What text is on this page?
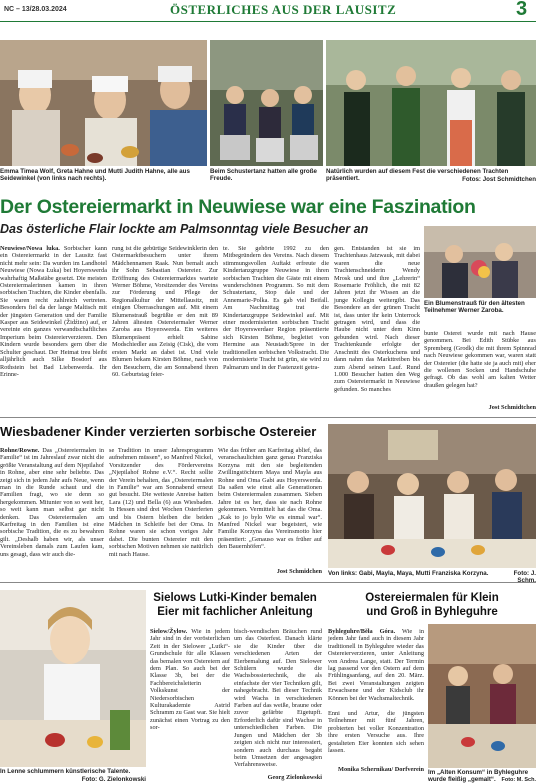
NC – 13/28.03.2024	ÖSTERLICHES AUS DER LAUSITZ	3
Emma Timea Wolf, Greta Hahne und Mutti Judith Hahne, alle aus Seidewinkel (von links nach rechts).
Beim Schustertanz hatten alle große Freude.
Natürlich wurden auf diesem Fest die verschiedenen Trachten präsentiert.	Fotos: Jost Schmidtchen
Der Ostereiermarkt in Neuwiese war eine Faszination
Das österliche Flair lockte am Palmsonntag viele Besucher an
Neuwiese/Nowa luka. Sorbischer kann ein Ostereiermarkt in der Lausitz fast nicht mehr sein: Da wurden im Landhotel Neuwiese (Nowa Łuka) bei Hoyerswerda wahrhaftig Maßstäbe gesetzt. Die meisten Ostereiermalerinnen kamen in ihren sorbischen Trachten, die Kinder ebenfalls. Sie waren recht zahlreich vertreten. Besonders fiel da der lange Maltisch mit der jüngsten Generation und der Familie Kasper aus Seidewinkel (Židźino) auf, er vereinte ein ganzes verwandtschaftliches Imperium beim Ostereierverzieren. Den Kindern wurde besonders gern über die Schulter geschaut. Der Heimat treu bleibt alljährlich auch Silke Bosdorf aus Rothstein bei Bad Liebenwerda. Ihr Erinne-
rung ist die gebürtige Seidewinklerin den Ostermarktbesuchern unter ihrem Mädchennamen Raak. Nun bemalt auch ihr Sohn Sebastian Ostereier. Zur Eröffnung des Ostereiermarktes wartete Werner Böhme, Vorsitzender des Vereins zur Förderung und Pflege der Regionalkultur der Mittellausitz, mit einigen Überraschungen auf. Mit einem Blumenstrauß begrüßte er den mit 89 Jahren ältesten Ostereiermaler Werner Zaroba aus Hoyerswerda. Ein weiteres Blumenpräsent erhielt Sabine Modschiedler aus Zeisig (Cisk), die vom ersten Markt an dabei ist. Und viele Blumen bekam Kirsten Böhme, nach von den Besuchern, die am Sonnabend ihren 60. Geburtstag feier-
te. Sie gehörte 1992 zu den Mitbegründern des Vereins. Nach diesem stimmungsvollen Auftakt erfreute die Kindertanzgruppe Neuwiese in ihren sorbischen Trachten die Gäste mit einem wunderschönen Programm. So mit dem Schustertanz, Stop dale und der Annemarie-Polka. Es gab viel Beifall. Am Nachmittag trat die Kindertanzgruppe Seidewinkel auf. Mit einer modernisierten sorbischen Tracht der Hoyerswerdaer Region präsentierte sich Kirsten Böhme, begleitet von Hermine aus Neustadt/Spree in der traditionellen sorbischen Volkstracht. Die modernisierte Tracht ist grün, sie wird zu Palmarum und in der Fastenzeit getra-
gen. Entstanden ist sie im Trachtenhaus Jatzwauk, mit dabei waren die neue Trachtenschneiderin Wendy Mrosk und und ihre „Lehrerin“ Rosemarie Fröhlich, die mit 82 Jahren jetzt ihr Wissen an die junge Kollegin weitergibt. Das Besondere an der grünen Tracht ist, dass unter ihr kein Unterrock getragen wird, und dass die Haube nicht unter dem Kinn gebunden wird. Nach dieser Trachtenkunde erfolgte der Anschnitt des Osterkuchens und dann nahm das Markttreiben bis zum Abend seinen Lauf. Rund 1.000 Besucher hatten den Weg zum Ostereiermarkt in Neuwiese gefunden. So manches
Ein Blumenstrauß für den ältesten Teilnehmer Werner Zaroba.
bunte Osterei wurde mit nach Hause genommen. Bei Edith Stübke aus Spremberg (Grodk) die mit ihrem Spinnrad nach Neuwiese gekommen war, waren statt der Ostereier (die hatte sie ja auch mit) eher die wollenen Socken und Handschuhe gefragt. Ob das wohl am kalten Wetter draußen gelegen hat?
Jost Schmidtchen
Wiesbadener Kinder verzierten sorbische Ostereier
Rohne/Rowne. Das „Ostereiermalen in Familie“ ist im Jahreslauf zwar nicht die größte Veranstaltung auf dem Njepilahof in Rohne, aber eine sehr beliebte. Das zeigt sich in jedem Jahr aufs Neue, wenn man in die Runde schaut und die Familien fragt, wo sie denn so hergekommen. Mitunter von so weit her, so weit kann man selbst gar nicht denken. Das Ostereiermalen am Karfreitag in den Familien ist eine sorbische Tradition, die es zu bewahren gilt. „Deshalb haben wir, als unser Vereinsleben damals zum Laufen kam, uns gesagt, dass wir auch die-
se Tradition in unser Jahresprogramm aufnehmen müssen“, so Manfred Nickel, Vorsitzender des Fördervereins „Njepilahof Rohne e.V.“. Recht sollte der Verein behalten, das „Ostereiermalen in Familie“ war am Sonnabend erneut gut besucht. Die weiteste Anreise hatten Lara (12) und Bella (6) aus Wiesbaden. In Hessen sind drei Wochen Osterferien und bis Ostern bleiben die beiden Mädchen in Schleife bei der Oma. In Rohne waren sie schon voriges Jahr dabei. Die bunten Ostereier mit den sorbischen Motiven nehmen sie natürlich mit nach Hause.
Wie das früher am Karfreitag ablief, das veranschaulichten ganz genau Franziska Korzyna mit den sie begleitenden Zwillingstöchtern Maya und Mayla aus Rohne und Oma Gabi aus Hoyerswerda. Da saßen wie einst alle Generationen beim Ostereiermalen zusammen. Sieben Jahre ist es her, dass sie nach Rohne gekommen. Vermittelt hat das die Oma. „Kak to jo bylo Wie es einmal war“. Manfred Nickel war begeistert, wie Familie Korzyna das Vereinsmotto hier präsentiert: „Genauso war es früher auf den Bauernhöfen“.
Jost Schmidchen Von links: Gabi, Mayla, Maya, Mutti Franziska Korzyna.	Foto: J. Schm.
In Lenne schlummern künstlerische Talente.
Foto: G. Zielonkowski
Sielows Lutki-Kinder bemalen
Eier mit fachlicher Anleitung
Sielow/Žylow. Wie in jedem Jahr sind in der vorösterlichen Zeit in der Sielower „Lutki“-Grundschule für alle Klassen das bemalen von Ostereiern auf dem Plan. So auch bei der Klasse 3b, bei der die Fachbereichsleiterin Volkskunst der Niedersorbischen Kulturakademie Astrid Schramm zu Gast war. Sie hielt zunächst einen Vortrag zu den sor-
bisch-wendischen Bräuchen rund um das Osterfest. Danach klärte sie die Kinder über die verschiedenen Arten der Eierbemalung auf. Den Sielower Schülern wurde die Wachsbossiertechnik, die als einfachste der vier Techniken gilt, nahegebracht. Bei dieser Technik wird Wachs in verschiedenen Farben auf das weiße, braune oder zuvor gefärbte Eigetupft. Erforderlich dafür sind Wachse in unterschiedlichen Farben. Die Jungen und Mädchen der 3b zeigten sich nicht nur interessiert, sondern auch durchaus begabt beim Umsetzen der angesagten Verfahrensweise.
Georg Zielonkowski
Ostereiermalen für Klein
und Groß in Byhleguhre
Byhleguhre/Běła Góra. Wie in jedem Jahr fand auch in diesem Jahr traditionell in Byhleguhre wieder das Ostereierverzieren, unter Anleitung von Andrea Lange, statt. Der Termin lag passend vor den Ostern auf dem Frühlingsanfang, auf den 20. März. Bei zwei Veranstaltungen zeigten Erwachsene und der Kidsclub ihr Können bei der Wachsmaltechnik.
Enni und Artur, die jüngsten Teilnehmer mit fünf Jahren, probierten bei voller Konzentration ihre ersten Versuche aus. Ihre gestalteten Eier konnten sich sehen lassen.
Monika Schernikau/ Dorfverein Im „Alten Konsum“ in Byhleguhre wurde fleißig „gemalt“.	Foto: M. Sch.
